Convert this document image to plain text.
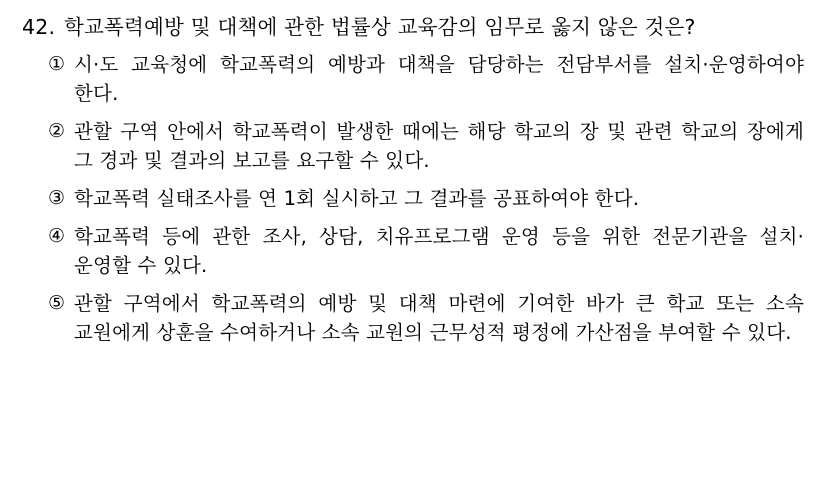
42. 학교폭력예방 및 대책에 관한 법률상 교육감의 임무로 옳지 않은 것은?
① 시·도 교육청에 학교폭력의 예방과 대책을 담당하는 전담부서를 설치·운영하여야 한다.
② 관할 구역 안에서 학교폭력이 발생한 때에는 해당 학교의 장 및 관련 학교의 장에게 그 경과 및 결과의 보고를 요구할 수 있다.
③ 학교폭력 실태조사를 연 1회 실시하고 그 결과를 공표하여야 한다.
④ 학교폭력 등에 관한 조사, 상담, 치유프로그램 운영 등을 위한 전문기관을 설치·운영할 수 있다.
⑤ 관할 구역에서 학교폭력의 예방 및 대책 마련에 기여한 바가 큰 학교 또는 소속 교원에게 상훈을 수여하거나 소속 교원의 근무성적 평정에 가산점을 부여할 수 있다.
